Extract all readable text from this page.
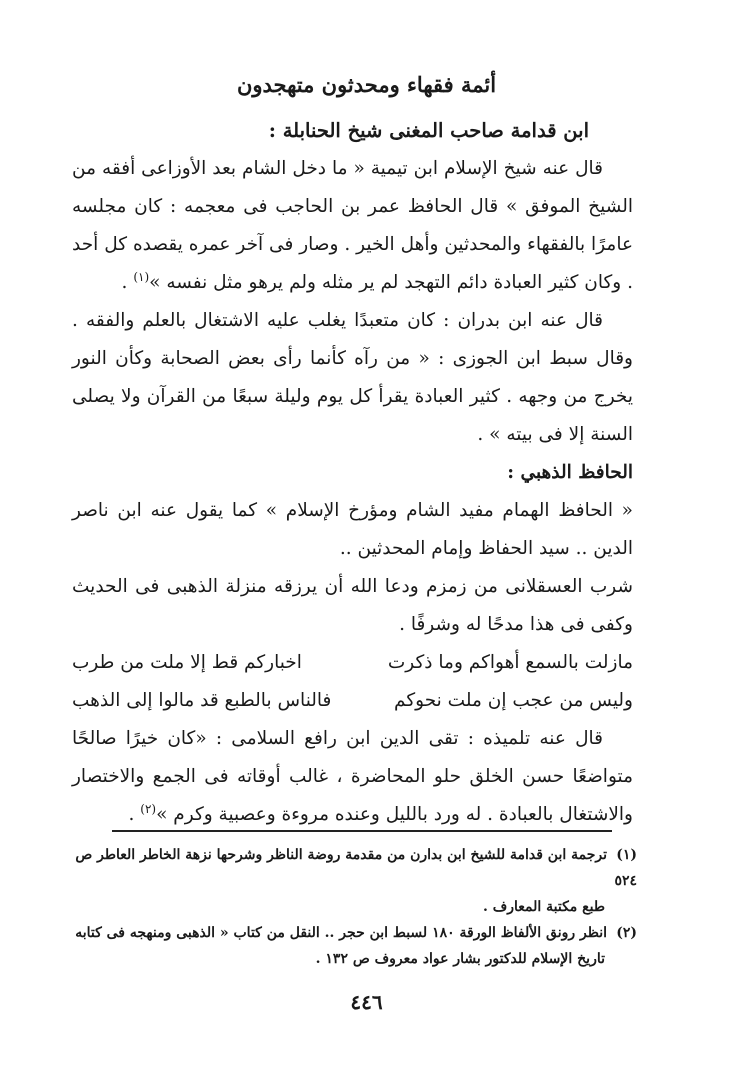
أئمة فقهاء ومحدثون متهجدون

ابن قدامة صاحب المغنى شيخ الحنابلة :

قال عنه شيخ الإسلام ابن تيمية « ما دخل الشام بعد الأوزاعى أفقه من الشيخ الموفق » قال الحافظ عمر بن الحاجب فى معجمه : كان مجلسه عامرًا بالفقهاء والمحدثين وأهل الخير . وصار فى آخر عمره يقصده كل أحد . وكان كثير العبادة دائم التهجد لم ير مثله ولم يرهو مثل نفسه »$^{(١)}$ .

قال عنه ابن بدران : كان متعبدًا يغلب عليه الاشتغال بالعلم والفقه . وقال سبط ابن الجوزى : « من رآه كأنما رأى بعض الصحابة وكأن النور يخرج من وجهه . كثير العبادة يقرأ كل يوم وليلة سبعًا من القرآن ولا يصلى السنة إلا فى بيته » .

الحافظ الذهبي :

« الحافظ الهمام مفيد الشام ومؤرخ الإسلام » كما يقول عنه ابن ناصر الدين .. سيد الحفاظ وإمام المحدثين ..

شرب العسقلانى من زمزم ودعا الله أن يرزقه منزلة الذهبى فى الحديث وكفى فى هذا مدحًا له وشرفًا .

مازلت بالسمع أهواكم وما ذكرت
اخباركم قط إلا ملت من طرب
وليس من عجب إن ملت نحوكم
فالناس بالطبع قد مالوا إلى الذهب

قال عنه تلميذه : تقى الدين ابن رافع السلامى : «كان خيرًا صالحًا متواضعًا حسن الخلق حلو المحاضرة ، غالب أوقاته فى الجمع والاختصار والاشتغال بالعبادة . له ورد بالليل وعنده مروءة وعصبية وكرم »$^{(٢)}$ .

(١)ترجمة ابن قدامة للشيخ ابن بدارن من مقدمة روضة الناظر وشرحها نزهة الخاطر العاطر ص ٥٢٤
طبع مكتبة المعارف .

(٢)انظر رونق الألفاظ الورقة ١٨٠ لسبط ابن حجر .. النقل من كتاب « الذهبى ومنهجه فى كتابه
تاريخ الإسلام للدكتور بشار عواد معروف ص ١٣٢ .

٤٤٦
